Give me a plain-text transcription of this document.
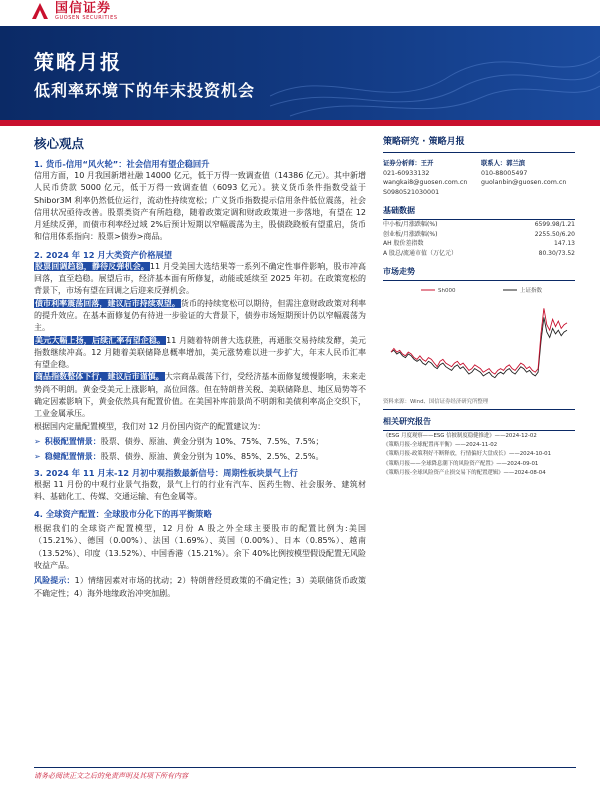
国信证券
GUOSEN SECURITIES
策略月报
低利率环境下的年末投资机会
核心观点
1. 货币-信用“风火轮”：社会信用有望企稳回升
信用方面，10 月我国新增社融 14000 亿元，低于万得一致调查值（14386 亿元）。其中新增人民币贷款 5000 亿元，低于万得一致调查值（6093 亿元）。狭义货币条件指数受益于 Shibor3M 利率仍然低位运行，流动性持续宽松；广义货币指数提示信用条件低位震荡，社会信用状况亟待改善。股票类资产有所趋稳，随着政策定调和财政政策进一步落地，有望在 12 月延续反弹，而债市利率经过域 2%后预计短期以窄幅震荡为主，股债跷跷板有望重启，货币和信用体系指向：股票>债券>商品。
2. 2024 年 12 月大类资产价格展望
股票回调趋稳，静待反弹机会。11 月受美国大选结果等一系列不确定性事件影响，股市冲高回落，直至趋稳。展望后市，经济基本面有所修复，动能或延续至 2025 年初。在政策宽松的背景下，市场有望在回调之后迎来反弹机会。
债市利率震荡回落，建议后市持续观望。货币的持续宽松可以期待，但需注意财政政策对利率的提升效应。在基本面修复仍有待进一步验证的大背景下，债券市场短期预计仍以窄幅震荡为主。
美元大幅上扬，后续汇率有望企稳。11 月随着特朗普大选获胜，再通胀交易持续发酵，美元指数继续冲高。12 月随着美联储降息概率增加，美元涨势难以进一步扩大，年末人民币汇率有望企稳。
商品指数整体下行，建议后市谨慎。大宗商品震荡下行，受经济基本面修复缓慢影响，未来走势尚不明朗。黄金受美元上涨影响，高位回落。但在特朗普关税、美联储降息、地区局势等不确定因素影响下，黄金依然具有配置价值。在美国补库前景尚不明朗和美债利率高企交织下，工业金属承压。
根据国内定量配置模型，我们对 12 月份国内资产的配置建议为：
➢ 积极配置情景：股票、债券、原油、黄金分别为 10%、75%、7.5%、7.5%；
➢ 稳健配置情景：股票、债券、原油、黄金分别为 10%、85%、2.5%、2.5%。
3. 2024 年 11 月末-12 月初中观指数最新信号：周期性板块景气上行
根据 11 月份的中观行业景气指数，景气上行的行业有汽车、医药生物、社会服务、建筑材料、基础化工、传媒、交通运输、有色金属等。
4. 全球资产配置：全球股市分化下的再平衡策略
根据我们的全球资产配置模型，12 月份 A 股之外全球主要股市的配置比例为:美国（15.21%）、德国（0.00%）、法国（1.69%）、英国（0.00%）、日本（0.85%）、越南（13.52%）、印度（13.52%）、中国香港（15.21%）。余下 40%比例按模型假设配置无风险收益产品。
风险提示：1）情绪因素对市场的扰动；2）特朗普经贸政策的不确定性；3）美联储货币政策不确定性；4）海外地缘政治冲突加剧。
策略研究 · 策略月报
证券分析师：王开
021-60933132
wangkai8@guosen.com.cn
S0980521030001
联系人：郭兰滨
010-88005497
guolanbin@guosen.com.cn
基础数据
中小板/月涨跌幅(%)	6599.98/1.21
创业板/月涨跌幅(%)	2255.50/6.20
AH 股价差指数	147.13
A 股总/流通市值（万亿元）	80.30/73.52
市场走势
上证指数
Sh000
资料来源：Wind、国信证券经济研究所整理
相关研究报告
《ESG 月度观察——ESG 信披制度稳健推进》——2024-12-02
《策略月报-全球配置再平衡》——2024-11-02
《策略月报-政策利好不断释放，行情偏好大盘成长》——2024-10-01
《策略月报——全球降息潮下的风险资产配置》——2024-09-01
《策略月报-全球风险资产止损交易下的配置逻辑》——2024-08-04
请务必阅读正文之后的免责声明及其项下所有内容
